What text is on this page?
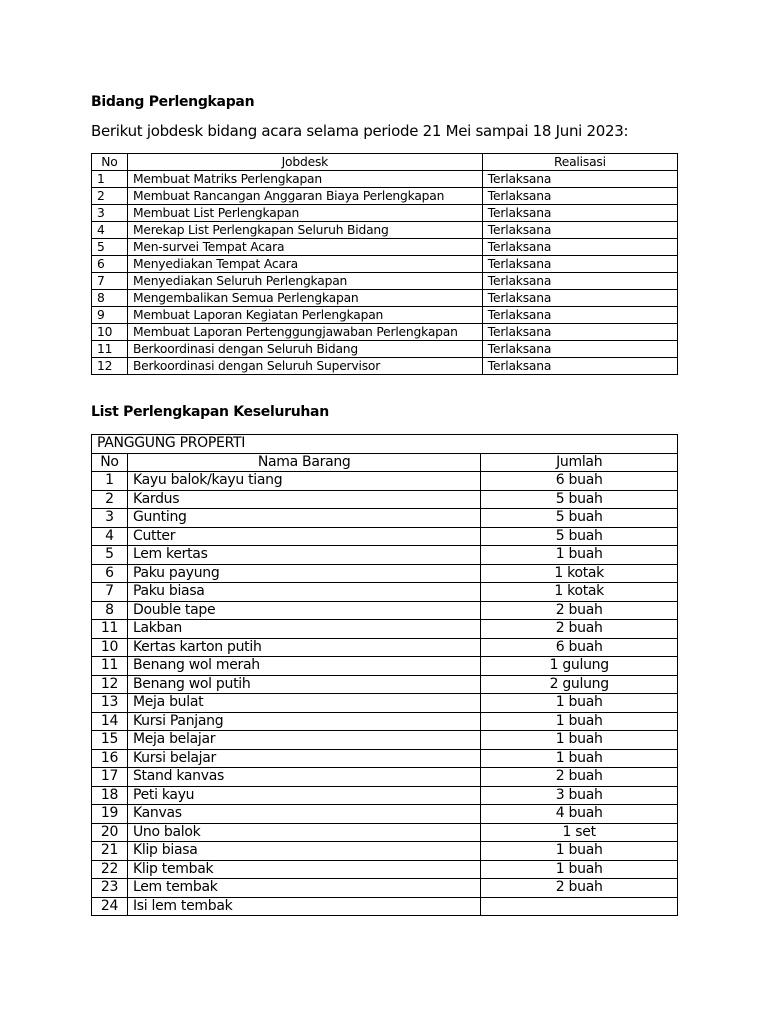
Bidang Perlengkapan
Berikut jobdesk bidang acara selama periode 21 Mei sampai 18 Juni 2023:
No	Jobdesk	Realisasi
1	Membuat Matriks Perlengkapan	Terlaksana
2	Membuat Rancangan Anggaran Biaya Perlengkapan	Terlaksana
3	Membuat List Perlengkapan	Terlaksana
4	Merekap List Perlengkapan Seluruh Bidang	Terlaksana
5	Men-survei Tempat Acara	Terlaksana
6	Menyediakan Tempat Acara	Terlaksana
7	Menyediakan Seluruh Perlengkapan	Terlaksana
8	Mengembalikan Semua Perlengkapan	Terlaksana
9	Membuat Laporan Kegiatan Perlengkapan	Terlaksana
10	Membuat Laporan Pertenggungjawaban Perlengkapan	Terlaksana
11	Berkoordinasi dengan Seluruh Bidang	Terlaksana
12	Berkoordinasi dengan Seluruh Supervisor	Terlaksana
List Perlengkapan Keseluruhan
PANGGUNG PROPERTI		
No	Nama Barang	Jumlah
1	Kayu balok/kayu tiang	6 buah
2	Kardus	5 buah
3	Gunting	5 buah
4	Cutter	5 buah
5	Lem kertas	1 buah
6	Paku payung	1 kotak
7	Paku biasa	1 kotak
8	Double tape	2 buah
11	Lakban	2 buah
10	Kertas karton putih	6 buah
11	Benang wol merah	1 gulung
12	Benang wol putih	2 gulung
13	Meja bulat	1 buah
14	Kursi Panjang	1 buah
15	Meja belajar	1 buah
16	Kursi belajar	1 buah
17	Stand kanvas	2 buah
18	Peti kayu	3 buah
19	Kanvas	4 buah
20	Uno balok	1 set
21	Klip biasa	1 buah
22	Klip tembak	1 buah
23	Lem tembak	2 buah
24	Isi lem tembak	
